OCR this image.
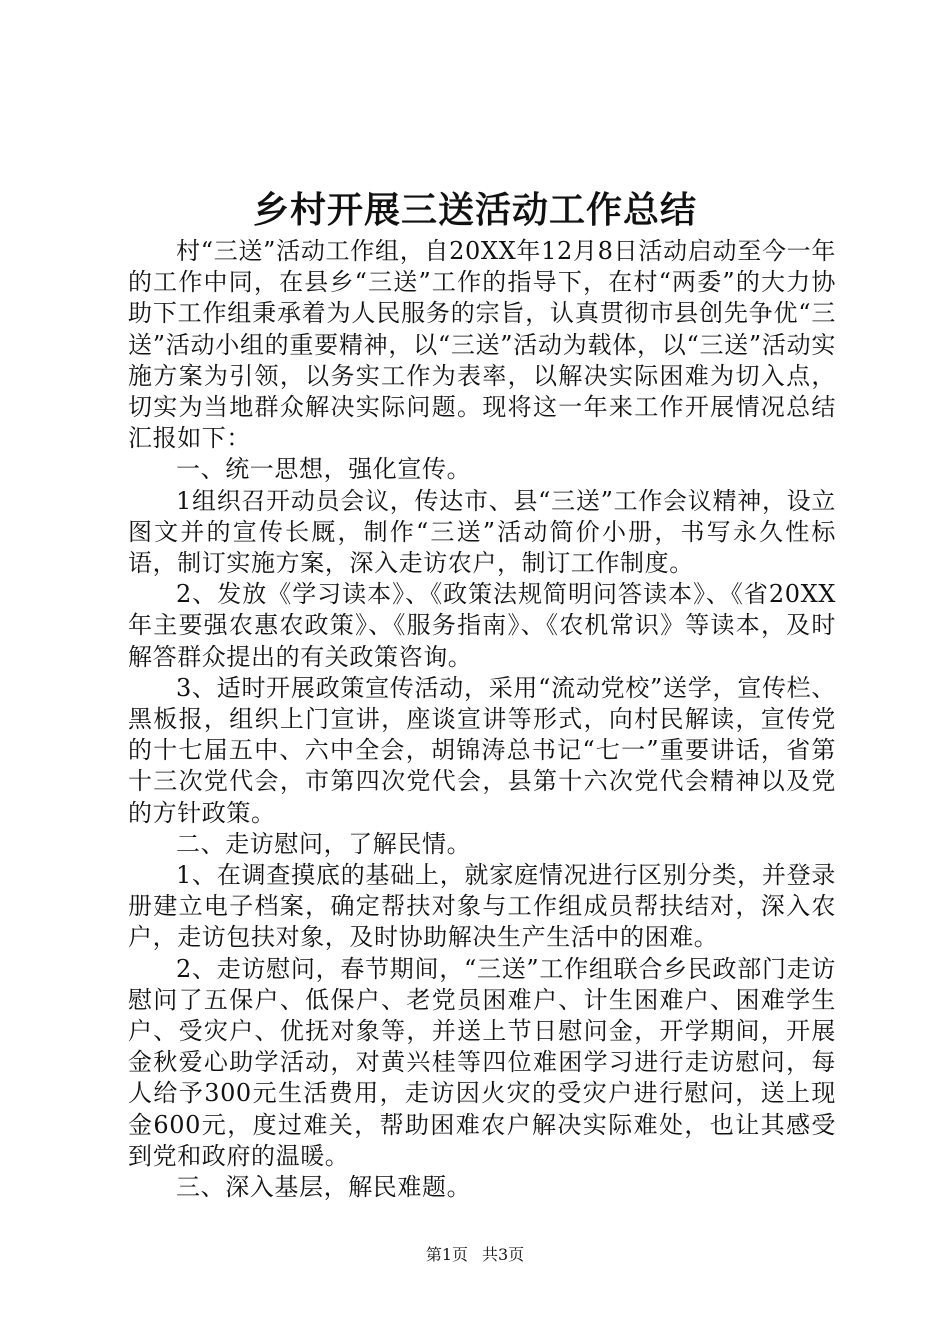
乡村开展三送活动工作总结

村“三送”活动工作组，自20XX年12月8日活动启动至今一年的工作中同，在县乡“三送”工作的指导下，在村“两委”的大力协助下工作组秉承着为人民服务的宗旨，认真贯彻市县创先争优“三送”活动小组的重要精神，以“三送”活动为载体，以“三送”活动实施方案为引领，以务实工作为表率，以解决实际困难为切入点，切实为当地群众解决实际问题。现将这一年来工作开展情况总结汇报如下：

一、统一思想，强化宣传。

1组织召开动员会议，传达市、县“三送”工作会议精神，设立图文并的宣传长厩，制作“三送”活动简价小册，书写永久性标语，制订实施方案，深入走访农户，制订工作制度。

2、发放《学习读本》、《政策法规简明问答读本》、《省20XX年主要强农惠农政策》、《服务指南》、《农机常识》等读本，及时解答群众提出的有关政策咨询。

3、适时开展政策宣传活动，采用“流动党校”送学，宣传栏、黑板报，组织上门宣讲，座谈宣讲等形式，向村民解读，宣传党的十七届五中、六中全会，胡锦涛总书记“七一”重要讲话，省第十三次党代会，市第四次党代会，县第十六次党代会精神以及党的方针政策。

二、走访慰问，了解民情。

1、在调查摸底的基础上，就家庭情况进行区别分类，并登录册建立电子档案，确定帮扶对象与工作组成员帮扶结对，深入农户，走访包扶对象，及时协助解决生产生活中的困难。

2、走访慰问，春节期间，“三送”工作组联合乡民政部门走访慰问了五保户、低保户、老党员困难户、计生困难户、困难学生户、受灾户、优抚对象等，并送上节日慰问金，开学期间，开展金秋爱心助学活动，对黄兴桂等四位难困学习进行走访慰问，每人给予300元生活费用，走访因火灾的受灾户进行慰问，送上现金600元，度过难关，帮助困难农户解决实际难处，也让其感受到党和政府的温暖。

三、深入基层，解民难题。

第1页 共3页
